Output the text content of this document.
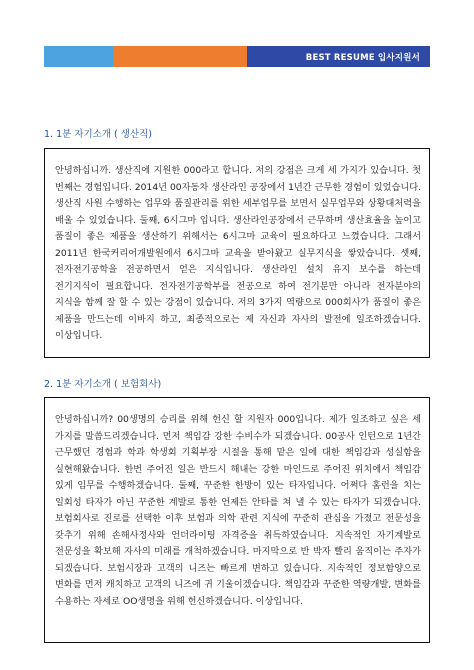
BEST RESUME 입사지원서
1. 1분 자기소개 ( 생산직)

안녕하십니까. 생산직에 지원한 000라고 합니다. 저의 강점은 크게 세 가지가 있습니다. 첫 번째는 경험입니다. 2014년 00자동차 생산라인 공장에서 1년간 근무한 경험이 있었습니다. 생산직 사원 수행하는 업무와 품질관리를 위한 세부업무를 보면서 실무업무와 상황대처력을 배울 수 있었습니다. 둘째, 6시그마 입니다. 생산라인공장에서 근무하며 생산효율을 높이고 품질이 좋은 제품을 생산하기 위해서는 6시그마 교육이 필요하다고 느꼈습니다. 그래서 2011년 한국커리어개발원에서 6시그마 교육을 받아왔고 실무지식을 쌓았습니다. 셋째, 전자전기공학을 전공하면서 얻은 지식입니다. 생산라인 설치 유지 보수를 하는데 전기지식이 필요합니다. 전자전기공학부를 전공으로 하여 전기분만 아니라 전자분야의 지식을 함께 잘 할 수 있는 강점이 있습니다. 저의 3가지 역량으로 000회사가 품질이 좋은 제품을 만드는데 이바지 하고, 최종적으로는 제 자신과 자사의 발전에 일조하겠습니다. 이상입니다.

2. 1분 자기소개 ( 보험회사)

안녕하십니까? 00생명의 승리를 위해 헌신 할 지원자 000입니다. 제가 일조하고 싶은 세 가지를 말씀드리겠습니다. 먼저 책임감 강한 수비수가 되겠습니다. 00공사 인턴으로 1년간 근무했던 경험과 학과 학생회 기획부장 시절을 통해 맡은 일에 대한 책임감과 성실함을 실현해왔습니다. 한번 주어진 일은 반드시 해내는 강한 마인드로 주어진 위치에서 책임감 있게 임무를 수행하겠습니다. 둘째, 꾸준한 한방이 있는 타자입니다. 어쩌다 홈런을 치는 일회성 타자가 아닌 꾸준한 계발로 통한 언제든 안타를 쳐 낼 수 있는 타자가 되겠습니다. 보험회사로 진로를 선택한 이후 보험과 의학 관련 지식에 꾸준히 관심을 가졌고 전문성을 갖추기 위해 손해사정사와 언더라이팅 자격증을 취득하였습니다. 지속적인 자기계발로 전문성을 확보해 자사의 미래를 개척하겠습니다. 마지막으로 반 박자 빨리 움직이는 주자가 되겠습니다. 보험시장과 고객의 니즈는 빠르게 변하고 있습니다. 지속적인 정보함양으로 변화를 먼저 캐치하고 고객의 니즈에 귀 기울이겠습니다. 책임감과 꾸준한 역량개발, 변화를 수용하는 자세로 OO생명을 위해 헌신하겠습니다. 이상입니다.
